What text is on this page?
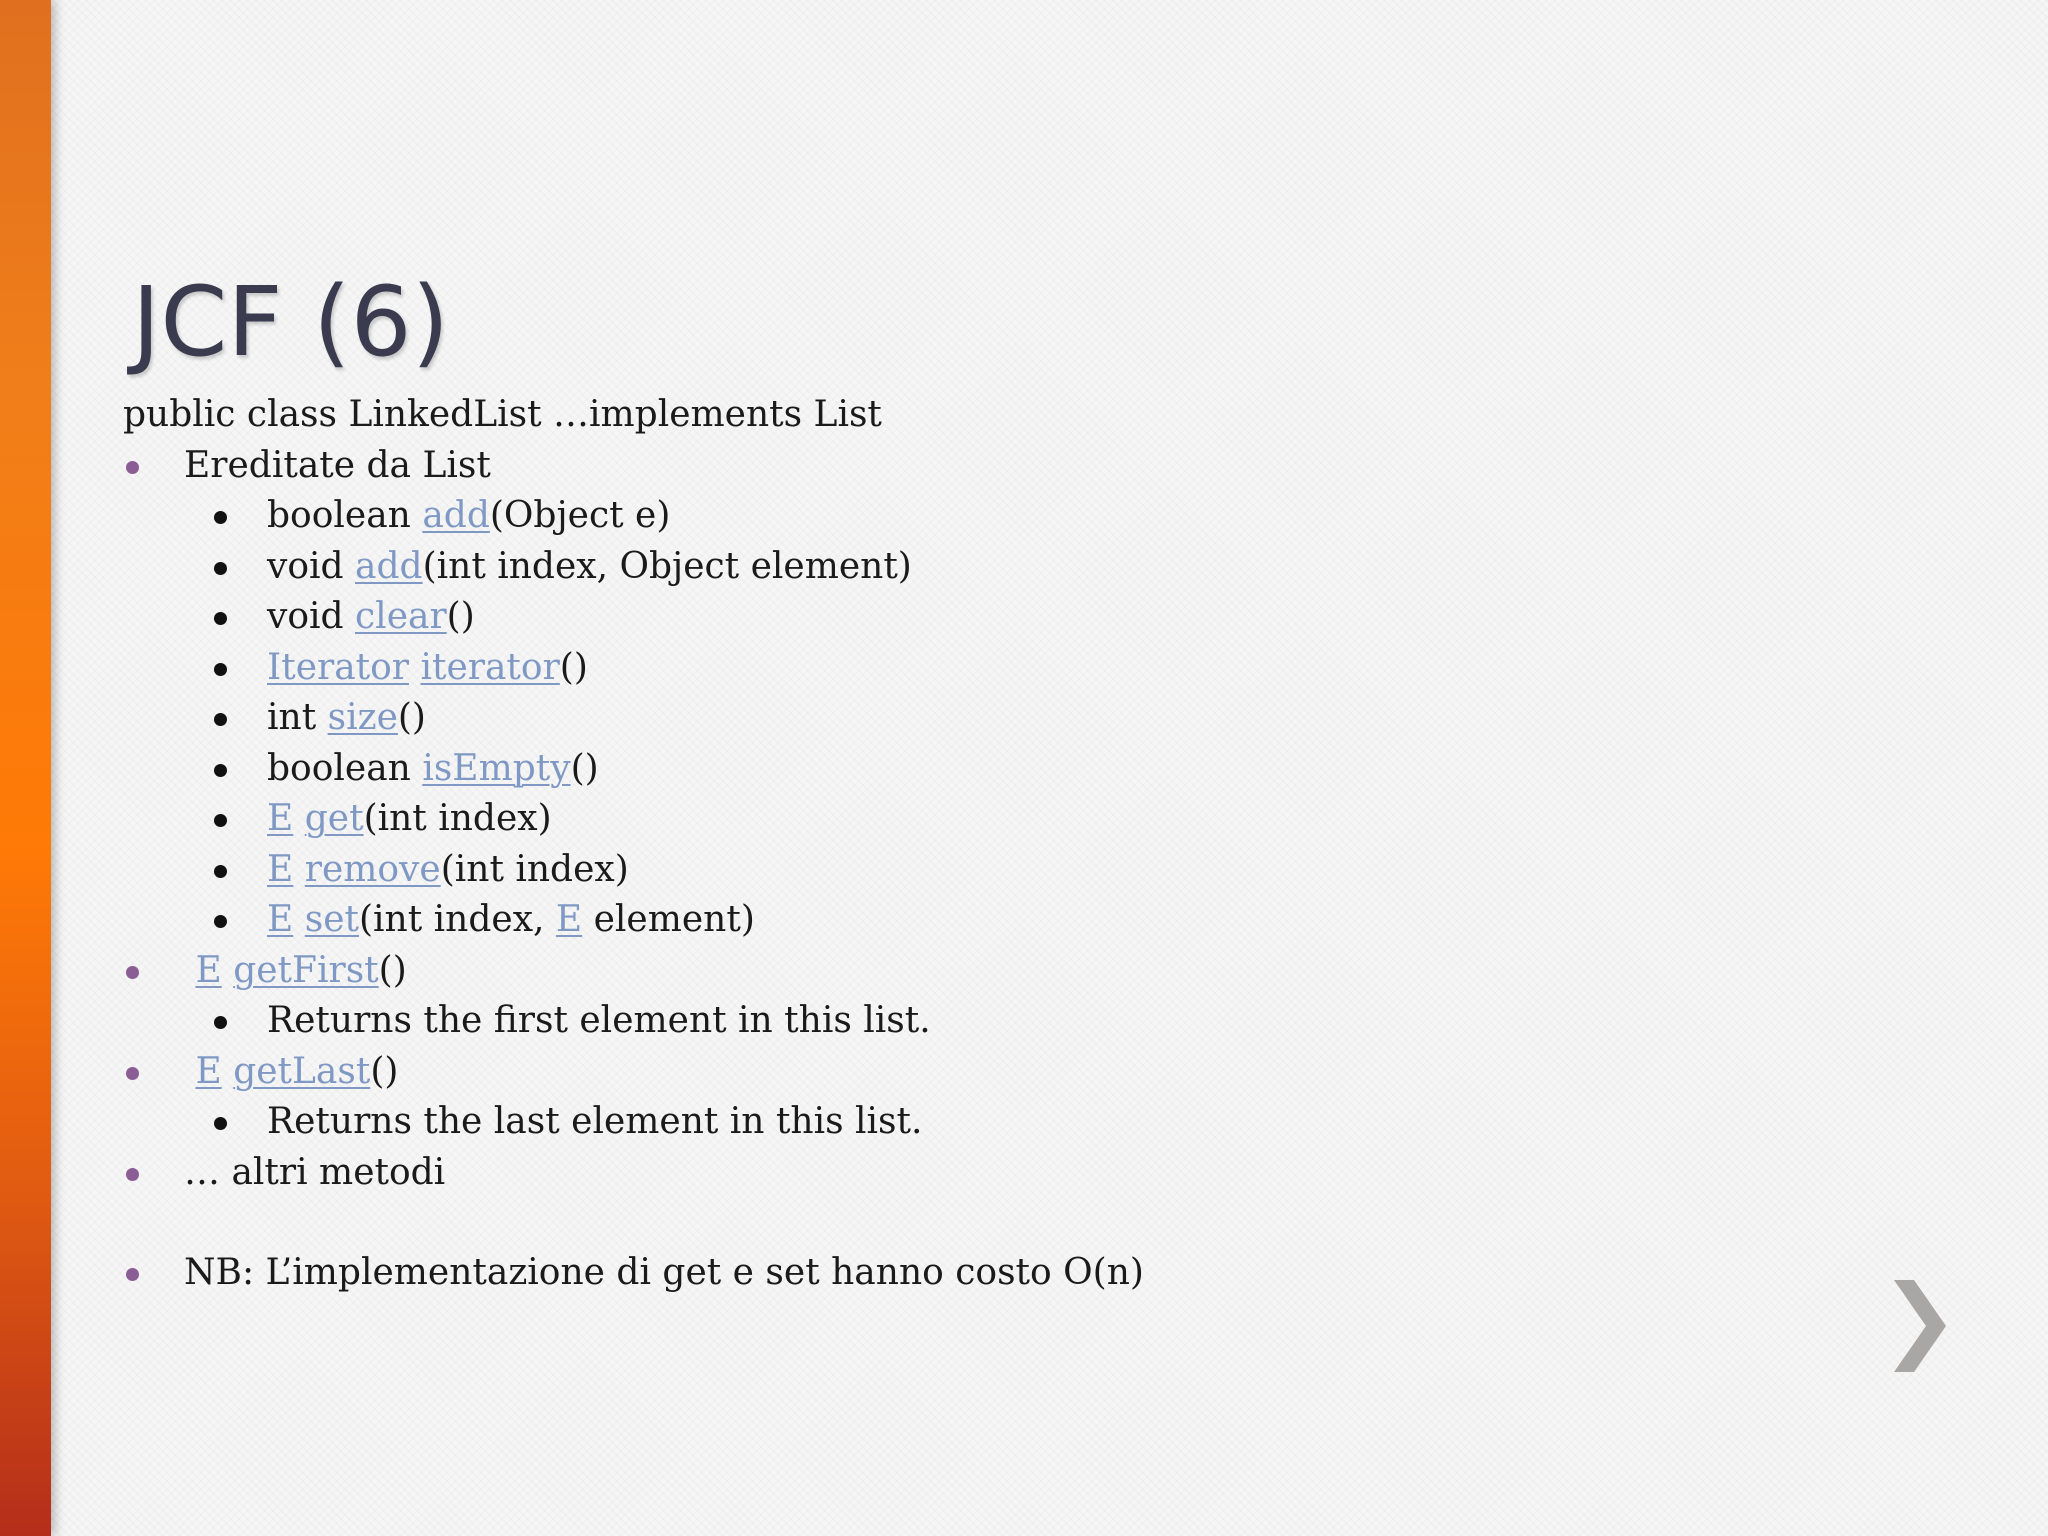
JCF (6)
public class LinkedList …implements List
Ereditate da List
boolean add(Object e)
void add(int index, Object element)
void clear()
Iterator iterator()
int size()
boolean isEmpty()
E get(int index)
E remove(int index)
E set(int index, E element)
E getFirst()
Returns the first element in this list.
E getLast()
Returns the last element in this list.
… altri metodi
NB: L’implementazione di get e set hanno costo O(n)
